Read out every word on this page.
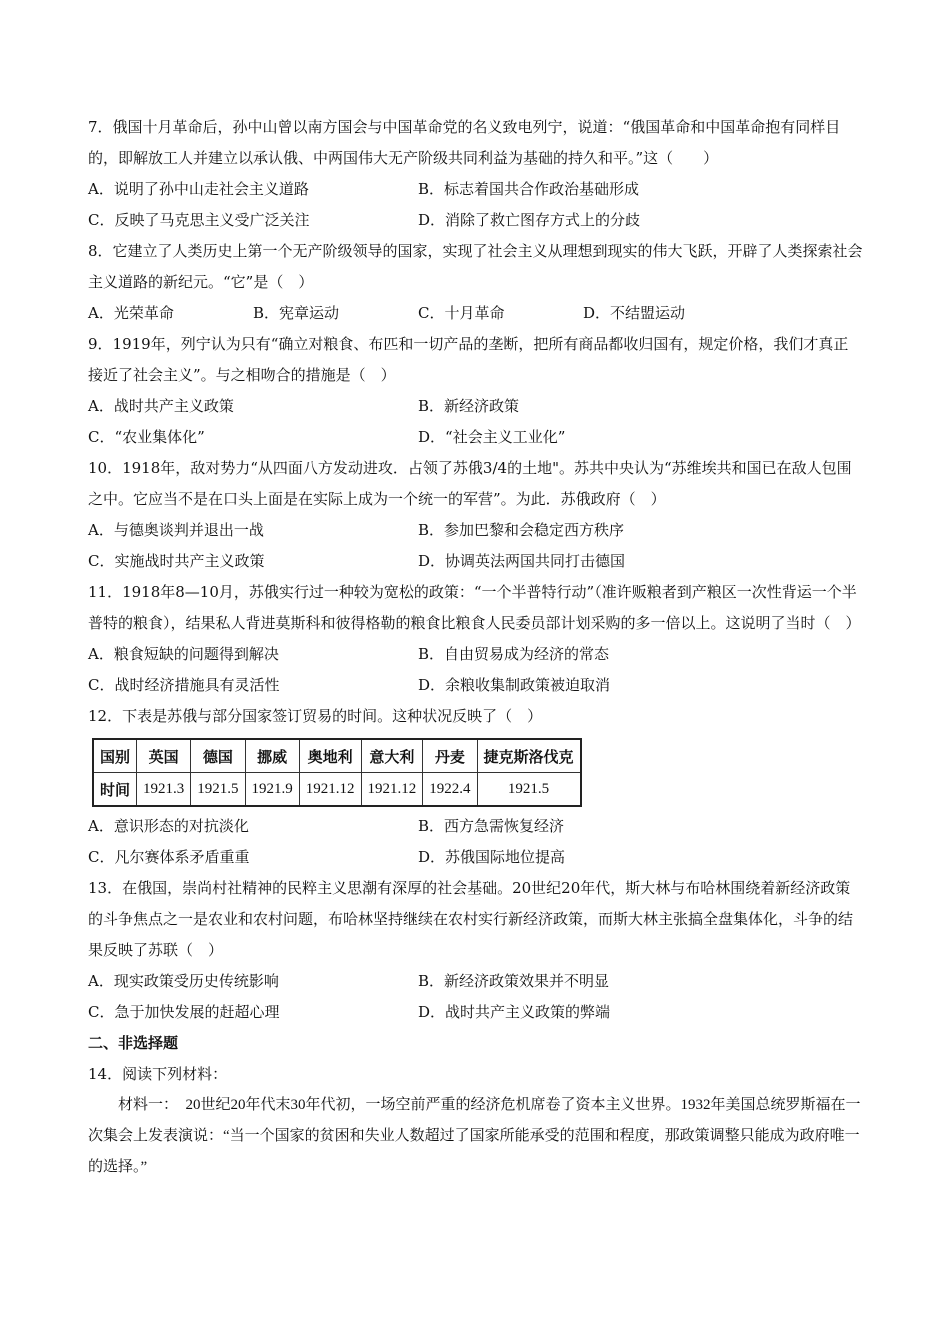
7．俄国十月革命后，孙中山曾以南方国会与中国革命党的名义致电列宁，说道：“俄国革命和中国革命抱有同样目的，即解放工人并建立以承认俄、中两国伟大无产阶级共同利益为基础的持久和平。”这（　　）

A．说明了孙中山走社会主义道路	B．标志着国共合作政治基础形成
C．反映了马克思主义受广泛关注	D．消除了救亡图存方式上的分歧

8．它建立了人类历史上第一个无产阶级领导的国家，实现了社会主义从理想到现实的伟大飞跃，开辟了人类探索社会主义道路的新纪元。“它”是（　）

A．光荣革命	B．宪章运动	C．十月革命	D．不结盟运动

9．1919年，列宁认为只有“确立对粮食、布匹和一切产品的垄断，把所有商品都收归国有，规定价格，我们才真正接近了社会主义”。与之相吻合的措施是（　）

A．战时共产主义政策	B．新经济政策
C．“农业集体化”	D．“社会主义工业化”

10．1918年，敌对势力“从四面八方发动进攻．占领了苏俄3/4的土地"。苏共中央认为“苏维埃共和国已在敌人包围之中。它应当不是在口头上面是在实际上成为一个统一的军营”。为此．苏俄政府（　）

A．与德奥谈判并退出一战	B．参加巴黎和会稳定西方秩序
C．实施战时共产主义政策	D．协调英法两国共同打击德国

11．1918年8—10月，苏俄实行过一种较为宽松的政策：“一个半普特行动”（准许贩粮者到产粮区一次性背运一个半普特的粮食），结果私人背进莫斯科和彼得格勒的粮食比粮食人民委员部计划采购的多一倍以上。这说明了当时（　）

A．粮食短缺的问题得到解决	B．自由贸易成为经济的常态
C．战时经济措施具有灵活性	D．余粮收集制政策被迫取消

12．下表是苏俄与部分国家签订贸易的时间。这种状况反映了（　）

国别	英国	德国	挪威	奥地利	意大利	丹麦	捷克斯洛伐克
时间	1921.3	1921.5	1921.9	1921.12	1921.12	1922.4	1921.5
A．意识形态的对抗淡化	B．西方急需恢复经济
C．凡尔赛体系矛盾重重	D．苏俄国际地位提高

13．在俄国，崇尚村社精神的民粹主义思潮有深厚的社会基础。20世纪20年代，斯大林与布哈林围绕着新经济政策的斗争焦点之一是农业和农村问题，布哈林坚持继续在农村实行新经济政策，而斯大林主张搞全盘集体化，斗争的结果反映了苏联（　）

A．现实政策受历史传统影响	B．新经济政策效果并不明显
C．急于加快发展的赶超心理	D．战时共产主义政策的弊端
二、非选择题

14．阅读下列材料：

材料一：　20世纪20年代末30年代初，一场空前严重的经济危机席卷了资本主义世界。1932年美国总统罗斯福在一次集会上发表演说：“当一个国家的贫困和失业人数超过了国家所能承受的范围和程度，那政策调整只能成为政府唯一的选择。”
